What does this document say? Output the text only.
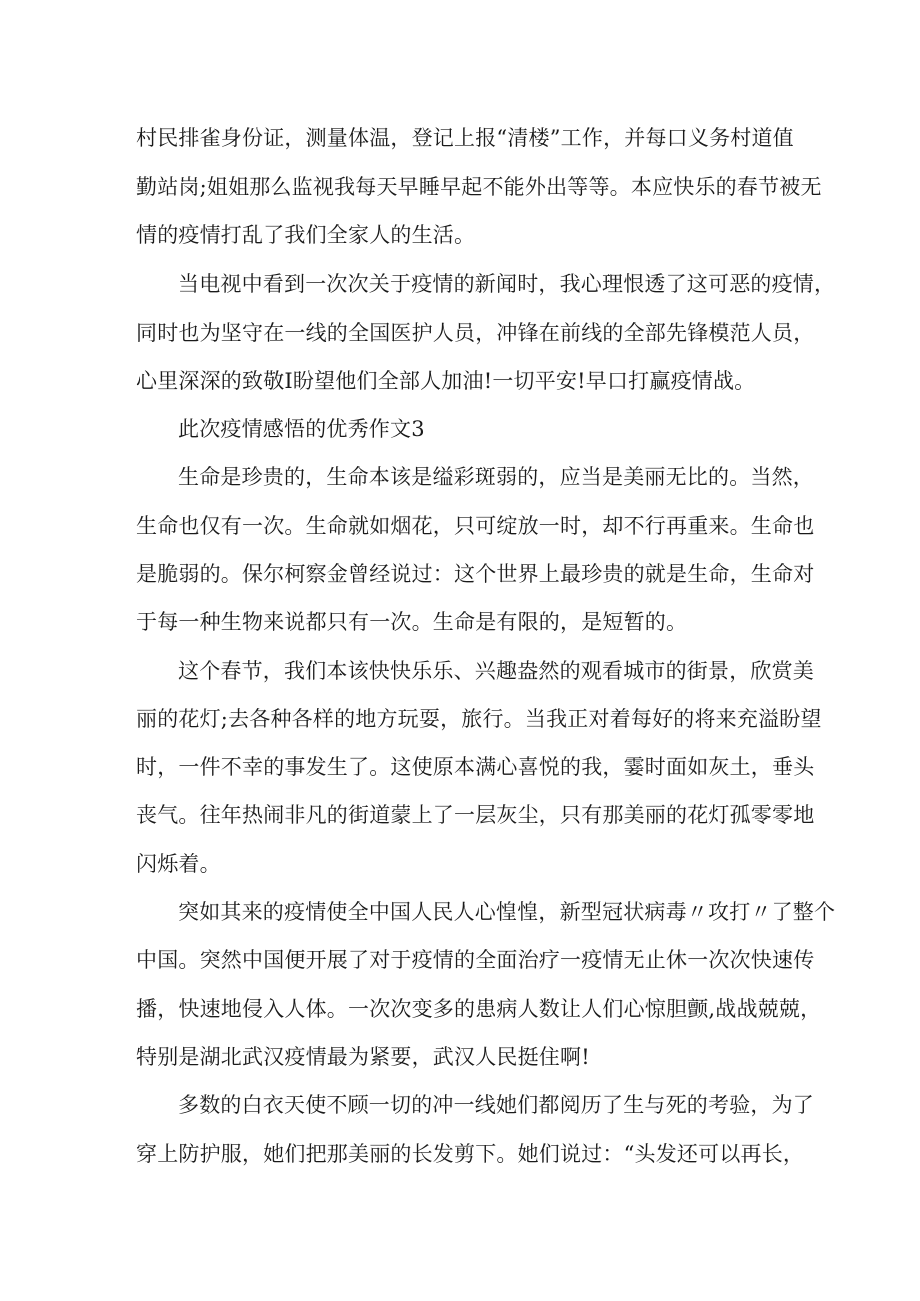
村民排雀身份证，测量体温，登记上报“清楼”工作，并每口义务村道值
勤站岗;姐姐那么监视我每天早睡早起不能外出等等。本应快乐的春节被无
情的疫情打乱了我们全家人的生活。
当电视中看到一次次关于疫情的新闻时，我心理恨透了这可恶的疫情，
同时也为坚守在一线的全国医护人员，冲锋在前线的全部先锋模范人员，
心里深深的致敬I盼望他们全部人加油!一切平安!早口打赢疫情战。
此次疫情感悟的优秀作文3
生命是珍贵的，生命本该是缢彩斑弱的，应当是美丽无比的。当然，
生命也仅有一次。生命就如烟花，只可绽放一时，却不行再重来。生命也
是脆弱的。保尔柯察金曾经说过：这个世界上最珍贵的就是生命，生命对
于每一种生物来说都只有一次。生命是有限的，是短暂的。
这个春节，我们本该快快乐乐、兴趣盎然的观看城市的街景，欣赏美
丽的花灯;去各种各样的地方玩耍，旅行。当我正对着每好的将来充溢盼望
时，一件不幸的事发生了。这使原本满心喜悦的我，霎时面如灰土，垂头
丧气。往年热闹非凡的街道蒙上了一层灰尘，只有那美丽的花灯孤零零地
闪烁着。
突如其来的疫情使全中国人民人心惶惶，新型冠状病毒〃攻打〃了整个
中国。突然中国便开展了对于疫情的全面治疗一疫情无止休一次次快速传
播，快速地侵入人体。一次次变多的患病人数让人们心惊胆颤,战战兢兢，
特别是湖北武汉疫情最为紧要，武汉人民挺住啊!
多数的白衣天使不顾一切的冲一线她们都阅历了生与死的考验，为了
穿上防护服，她们把那美丽的长发剪下。她们说过：“头发还可以再长，
